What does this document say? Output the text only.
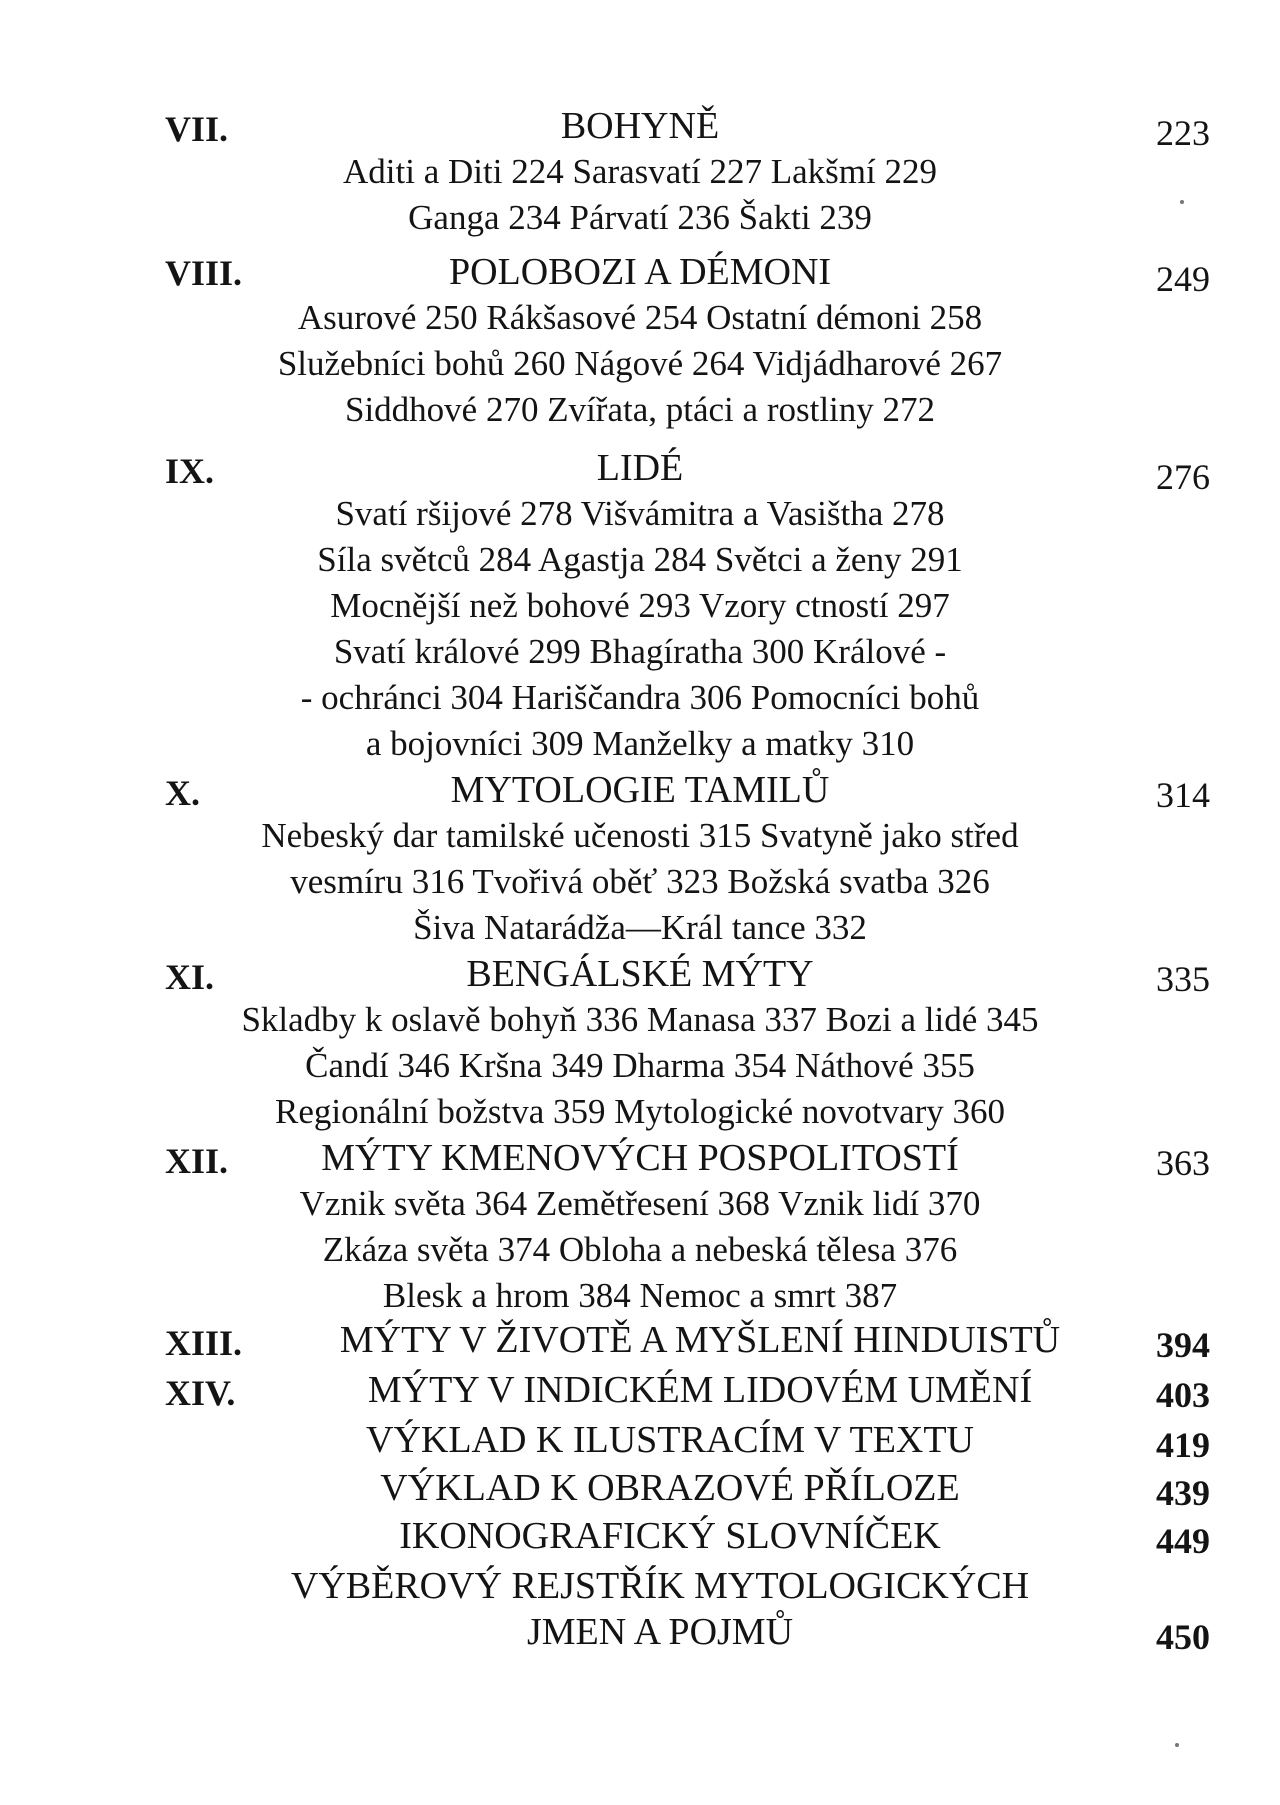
VII.	BOHYNĚ	223
Aditi a Diti 224 Sarasvatí 227 Lakšmí 229
Ganga 234 Párvatí 236 Šakti 239
VIII.	POLOBOZI A DÉMONI	249
Asurové 250 Rákšasové 254 Ostatní démoni 258
Služebníci bohů 260 Nágové 264 Vidjádharové 267
Siddhové 270 Zvířata, ptáci a rostliny 272
IX.	LIDÉ	276
Svatí ršijové 278 Višvámitra a Vasištha 278
Síla světců 284 Agastja 284 Světci a ženy 291
Mocnější než bohové 293 Vzory ctností 297
Svatí králové 299 Bhagíratha 300 Králové -
- ochránci 304 Hariščandra 306 Pomocníci bohů
a bojovníci 309 Manželky a matky 310
X.	MYTOLOGIE TAMILŮ	314
Nebeský dar tamilské učenosti 315 Svatyně jako střed
vesmíru 316 Tvořivá oběť 323 Božská svatba 326
Šiva Natarádža—Král tance 332
XI.	BENGÁLSKÉ MÝTY	335
Skladby k oslavě bohyň 336 Manasa 337 Bozi a lidé 345
Čandí 346 Kršna 349 Dharma 354 Náthové 355
Regionální božstva 359 Mytologické novotvary 360
XII.	MÝTY KMENOVÝCH POSPOLITOSTÍ	363
Vznik světa 364 Zemětřesení 368 Vznik lidí 370
Zkáza světa 374 Obloha a nebeská tělesa 376
Blesk a hrom 384 Nemoc a smrt 387
XIII.	MÝTY V ŽIVOTĚ A MYŠLENÍ HINDUISTŮ	394
XIV.	MÝTY V INDICKÉM LIDOVÉM UMĚNÍ	403
VÝKLAD K ILUSTRACÍM V TEXTU	419
VÝKLAD K OBRAZOVÉ PŘÍLOZE	439
IKONOGRAFICKÝ SLOVNÍČEK	449
VÝBĚROVÝ REJSTŘÍK MYTOLOGICKÝCH
JMEN A POJMŮ	450
